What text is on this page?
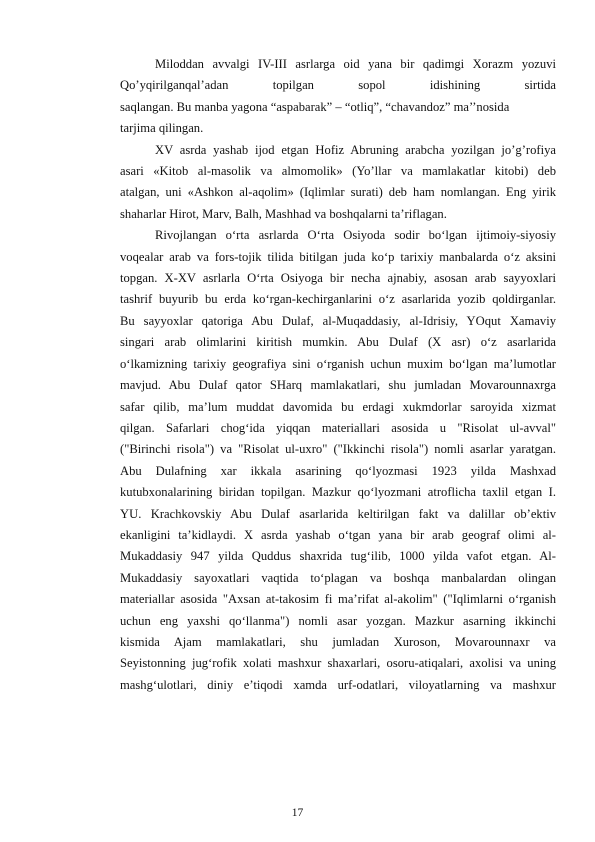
Miloddan avvalgi IV-III asrlarga oid yana bir qadimgi Xorazm yozuvi
Qo’yqirilganqal’adan topilgan sopol idishining sirtida
saqlangan. Bu manba yagona “aspabarak” – “otliq”, “chavandoz” ma’’nosida
tarjima qilingan.
XV asrda yashab ijod etgan Hofiz Abruning arabcha yozilgan jo’g’rofiya
asari «Kitob al-masolik va almomolik» (Yo’llar va mamlakatlar kitobi) deb
atalgan, uni «Ashkon al-aqolim» (Iqlimlar surati) deb ham nomlangan. Eng yirik
shaharlar Hirot, Marv, Balh, Mashhad va boshqalarni ta’riflagan.
Rivojlangan o‘rta asrlarda O‘rta Osiyoda sodir bo‘lgan ijtimoiy-siyosiy
voqealar arab va fors-tojik tilida bitilgan juda ko‘p tarixiy manbalarda o‘z aksini
topgan. X-XV asrlarla O‘rta Osiyoga bir necha ajnabiy, asosan arab sayyoxlari
tashrif buyurib bu erda ko‘rgan-kechirganlarini o‘z asarlarida yozib qoldirganlar.
Bu sayyoxlar qatoriga Abu Dulaf, al-Muqaddasiy, al-Idrisiy, YOqut Xamaviy
singari arab olimlarini kiritish mumkin. Abu Dulaf (X asr) o‘z asarlarida
o‘lkamizning tarixiy geografiya sini o‘rganish uchun muxim bo‘lgan ma’lumotlar
mavjud. Abu Dulaf qator SHarq mamlakatlari, shu jumladan Movarounnaxrga
safar qilib, ma’lum muddat davomida bu erdagi xukmdorlar saroyida xizmat
qilgan. Safarlari chog‘ida yiqqan materiallari asosida u "Risolat ul-avval"
("Birinchi risola") va "Risolat ul-uxro" ("Ikkinchi risola") nomli asarlar yaratgan.
Abu Dulafning xar ikkala asarining qo‘lyozmasi 1923 yilda Mashxad
kutubxonalarining biridan topilgan. Mazkur qo‘lyozmani atroflicha taxlil etgan I.
YU. Krachkovskiy Abu Dulaf asarlarida keltirilgan fakt va dalillar ob’ektiv
ekanligini ta’kidlaydi. X asrda yashab o‘tgan yana bir arab geograf olimi al-
Mukaddasiy 947 yilda Quddus shaxrida tug‘ilib, 1000 yilda vafot etgan. Al-
Mukaddasiy sayoxatlari vaqtida to‘plagan va boshqa manbalardan olingan
materiallar asosida "Axsan at-takosim fi ma’rifat al-akolim" ("Iqlimlarni o‘rganish
uchun eng yaxshi qo‘llanma") nomli asar yozgan. Mazkur asarning ikkinchi
kismida Ajam mamlakatlari, shu jumladan Xuroson, Movarounnaxr va
Seyistonning jug‘rofik xolati mashxur shaxarlari, osoru-atiqalari, axolisi va uning
mashg‘ulotlari, diniy e’tiqodi xamda urf-odatlari, viloyatlarning va mashxur
17
